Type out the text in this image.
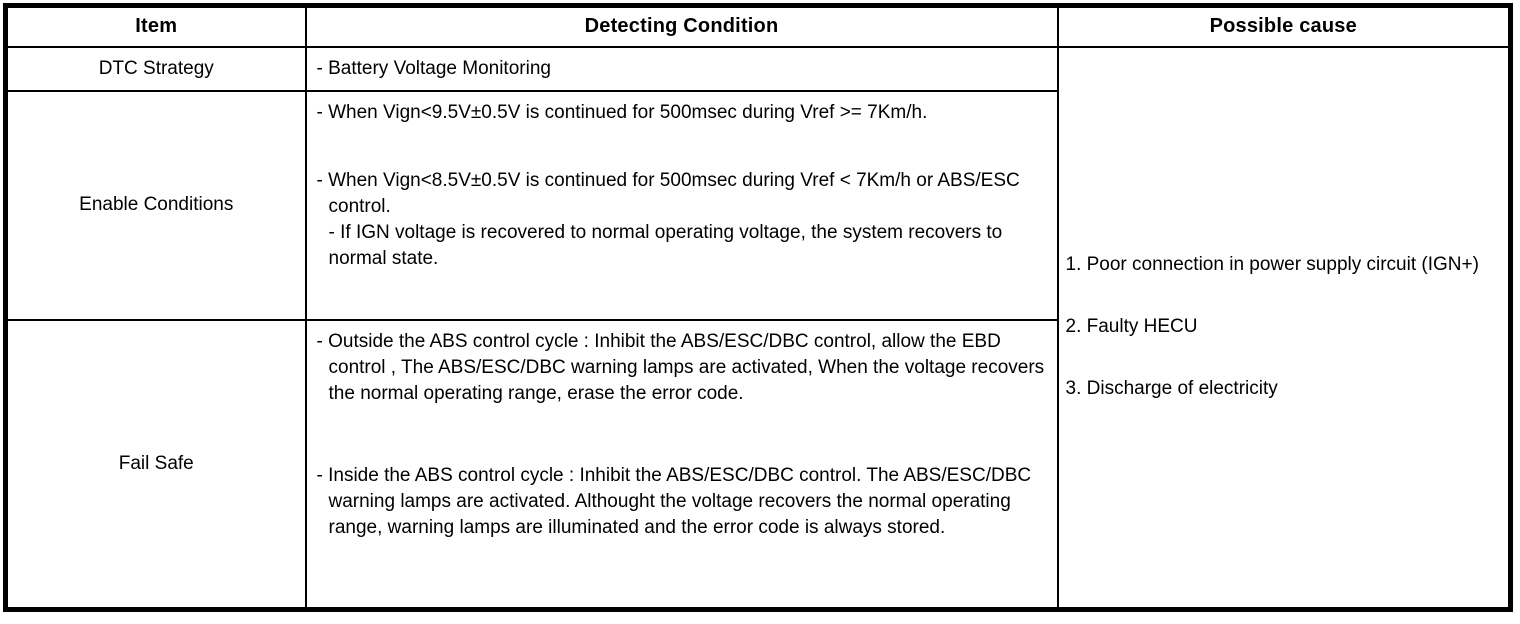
Item	Detecting Condition	Possible cause
DTC Strategy	- Battery Voltage Monitoring	1. Poor connection in power supply circuit (IGN+)
2. Faulty HECU
3. Discharge of electricity

Enable Conditions	- When Vign<9.5V±0.5V is continued for 500msec during Vref >= 7Km/h.
- When Vign<8.5V±0.5V is continued for 500msec during Vref < 7Km/h or ABS/ESC control.
- If IGN voltage is recovered to normal operating voltage, the system recovers to normal state.	

Fail Safe	- Outside the ABS control cycle : Inhibit the ABS/ESC/DBC control, allow the EBD control , The ABS/ESC/DBC warning lamps are activated, When the voltage recovers the normal operating range, erase the error code.
- Inside the ABS control cycle : Inhibit the ABS/ESC/DBC control. The ABS/ESC/DBC warning lamps are activated. Althought the voltage recovers the normal operating range, warning lamps are illuminated and the error code is always stored.	
